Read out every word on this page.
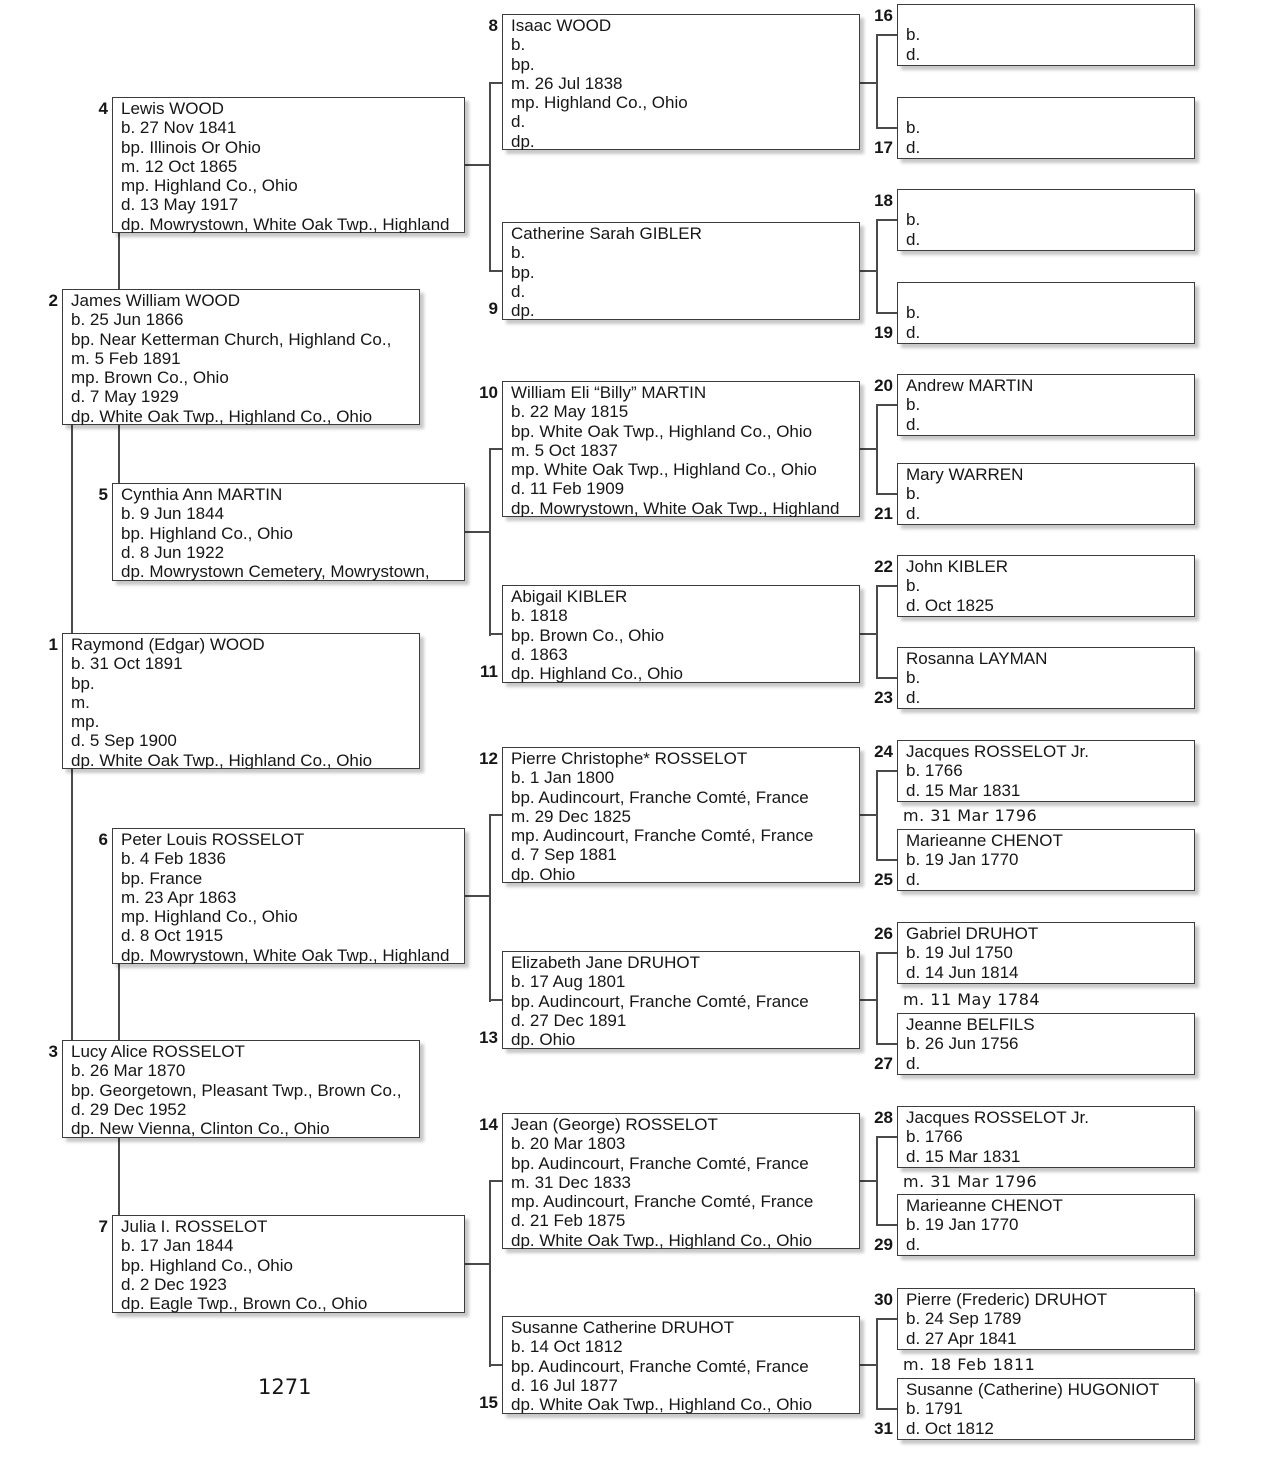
1 Raymond (Edgar) WOOD
b. 31 Oct 1891
bp.
m.
mp.
d. 5 Sep 1900
dp. White Oak Twp., Highland Co., Ohio
2 James William WOOD
b. 25 Jun 1866
bp. Near Ketterman Church, Highland Co.,
m. 5 Feb 1891
mp. Brown Co., Ohio
d. 7 May 1929
dp. White Oak Twp., Highland Co., Ohio
3 Lucy Alice ROSSELOT
b. 26 Mar 1870
bp. Georgetown, Pleasant Twp., Brown Co.,
d. 29 Dec 1952
dp. New Vienna, Clinton Co., Ohio
4 Lewis WOOD
b. 27 Nov 1841
bp. Illinois Or Ohio
m. 12 Oct 1865
mp. Highland Co., Ohio
d. 13 May 1917
dp. Mowrystown, White Oak Twp., Highland
5 Cynthia Ann MARTIN
b. 9 Jun 1844
bp. Highland Co., Ohio
d. 8 Jun 1922
dp. Mowrystown Cemetery, Mowrystown,
6 Peter Louis ROSSELOT
b. 4 Feb 1836
bp. France
m. 23 Apr 1863
mp. Highland Co., Ohio
d. 8 Oct 1915
dp. Mowrystown, White Oak Twp., Highland
7 Julia I. ROSSELOT
b. 17 Jan 1844
bp. Highland Co., Ohio
d. 2 Dec 1923
dp. Eagle Twp., Brown Co., Ohio
8 Isaac WOOD
b.
bp.
m. 26 Jul 1838
mp. Highland Co., Ohio
d.
dp.
9
Catherine Sarah GIBLER
b.
bp.
d.
dp.
10 William Eli “Billy” MARTIN
b. 22 May 1815
bp. White Oak Twp., Highland Co., Ohio
m. 5 Oct 1837
mp. White Oak Twp., Highland Co., Ohio
d. 11 Feb 1909
dp. Mowrystown, White Oak Twp., Highland
11
Abigail KIBLER
b. 1818
bp. Brown Co., Ohio
d. 1863
dp. Highland Co., Ohio
12 Pierre Christophe* ROSSELOT
b. 1 Jan 1800
bp. Audincourt, Franche Comté, France
m. 29 Dec 1825
mp. Audincourt, Franche Comté, France
d. 7 Sep 1881
dp. Ohio
13
Elizabeth Jane DRUHOT
b. 17 Aug 1801
bp. Audincourt, Franche Comté, France
d. 27 Dec 1891
dp. Ohio
14 Jean (George) ROSSELOT
b. 20 Mar 1803
bp. Audincourt, Franche Comté, France
m. 31 Dec 1833
mp. Audincourt, Franche Comté, France
d. 21 Feb 1875
dp. White Oak Twp., Highland Co., Ohio
15
Susanne Catherine DRUHOT
b. 14 Oct 1812
bp. Audincourt, Franche Comté, France
d. 16 Jul 1877
dp. White Oak Twp., Highland Co., Ohio
16
b.
d.
17
b.
d.
18
b.
d.
19
b.
d.
20 Andrew MARTIN
b.
d.
21
Mary WARREN
b.
d.
22 John KIBLER
b.
d. Oct 1825
23
Rosanna LAYMAN
b.
d.
24 Jacques ROSSELOT Jr.
b. 1766
d. 15 Mar 1831
25
Marieanne CHENOT
b. 19 Jan 1770
d.
26 Gabriel DRUHOT
b. 19 Jul 1750
d. 14 Jun 1814
27
Jeanne BELFILS
b. 26 Jun 1756
d.
28 Jacques ROSSELOT Jr.
b. 1766
d. 15 Mar 1831
29
Marieanne CHENOT
b. 19 Jan 1770
d.
30 Pierre (Frederic) DRUHOT
b. 24 Sep 1789
d. 27 Apr 1841
31
Susanne (Catherine) HUGONIOT
b. 1791
d. Oct 1812
m. 31 Mar 1796
m. 11 May 1784
m. 31 Mar 1796
m. 18 Feb 1811
1271
